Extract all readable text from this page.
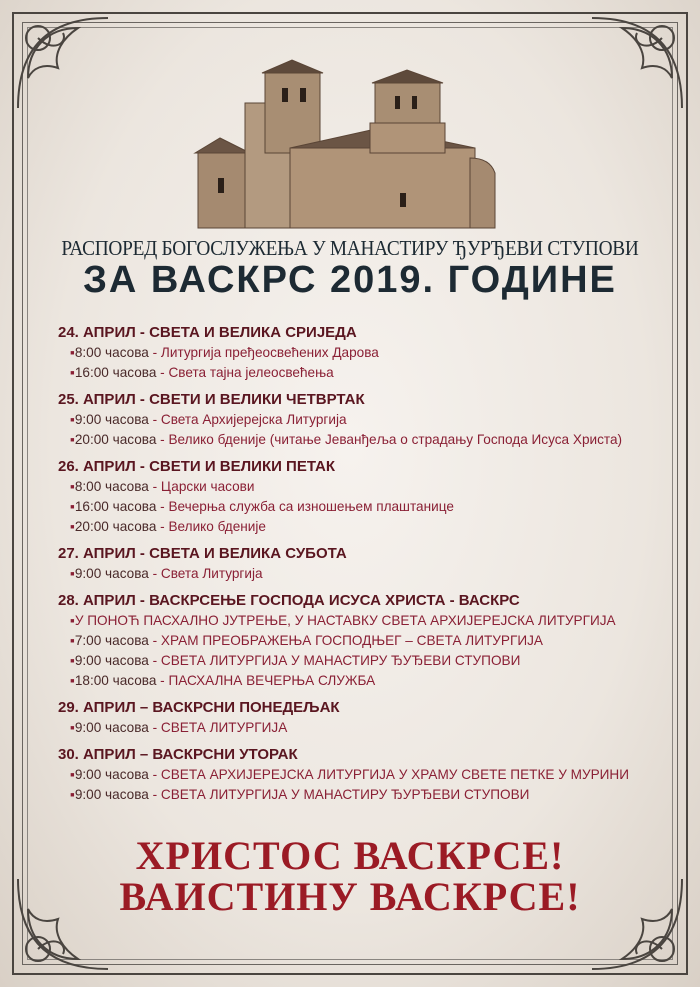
РАСПОРЕД БОГОСЛУЖЕЊА У МАНАСТИРУ ЂУРЂЕВИ СТУПОВИ
ЗА ВАСКРС 2019. ГОДИНЕ
24. АПРИЛ - СВЕТА И ВЕЛИКА СРИЈЕДА
▪8:00 часова - Литургија пређеосвећених Дарова
▪16:00 часова - Света тајна јелеосвећења
25. АПРИЛ - СВЕТИ И ВЕЛИКИ ЧЕТВРТАК
▪9:00 часова - Света Архијерејска Литургија
▪20:00 часова - Велико бденије (читање Јеванђеља о страдању Господа Исуса Христа)
26. АПРИЛ - СВЕТИ И ВЕЛИКИ ПЕТАК
▪8:00 часова - Царски часови
▪16:00 часова - Вечерња служба са изношењем плаштанице
▪20:00 часова - Велико бденије
27. АПРИЛ - СВЕТА И ВЕЛИКА СУБОТА
▪9:00 часова - Света Литургија
28. АПРИЛ - ВАСКРСЕЊЕ ГОСПОДА ИСУСА ХРИСТА - ВАСКРС
▪У ПОНОЋ ПАСХАЛНО ЈУТРЕЊЕ, У НАСТАВКУ СВЕТА АРХИЈЕРЕЈСКА ЛИТУРГИЈА
▪7:00 часова - ХРАМ ПРЕОБРАЖЕЊА ГОСПОДЊЕГ – СВЕТА ЛИТУРГИЈА
▪9:00 часова - СВЕТА ЛИТУРГИЈА У МАНАСТИРУ ЂУЂЕВИ СТУПОВИ
▪18:00 часова - ПАСХАЛНА ВЕЧЕРЊА СЛУЖБА
29. АПРИЛ – ВАСКРСНИ ПОНЕДЕЉАК
▪9:00 часова - СВЕТА ЛИТУРГИЈА
30. АПРИЛ – ВАСКРСНИ УТОРАК
▪9:00 часова - СВЕТА АРХИЈЕРЕЈСКА ЛИТУРГИЈА У ХРАМУ СВЕТЕ ПЕТКЕ У МУРИНИ
▪9:00 часова - СВЕТА ЛИТУРГИЈА У МАНАСТИРУ ЂУРЂЕВИ СТУПОВИ
ХРИСТОС ВАСКРСЕ!
ВАИСТИНУ ВАСКРСЕ!
